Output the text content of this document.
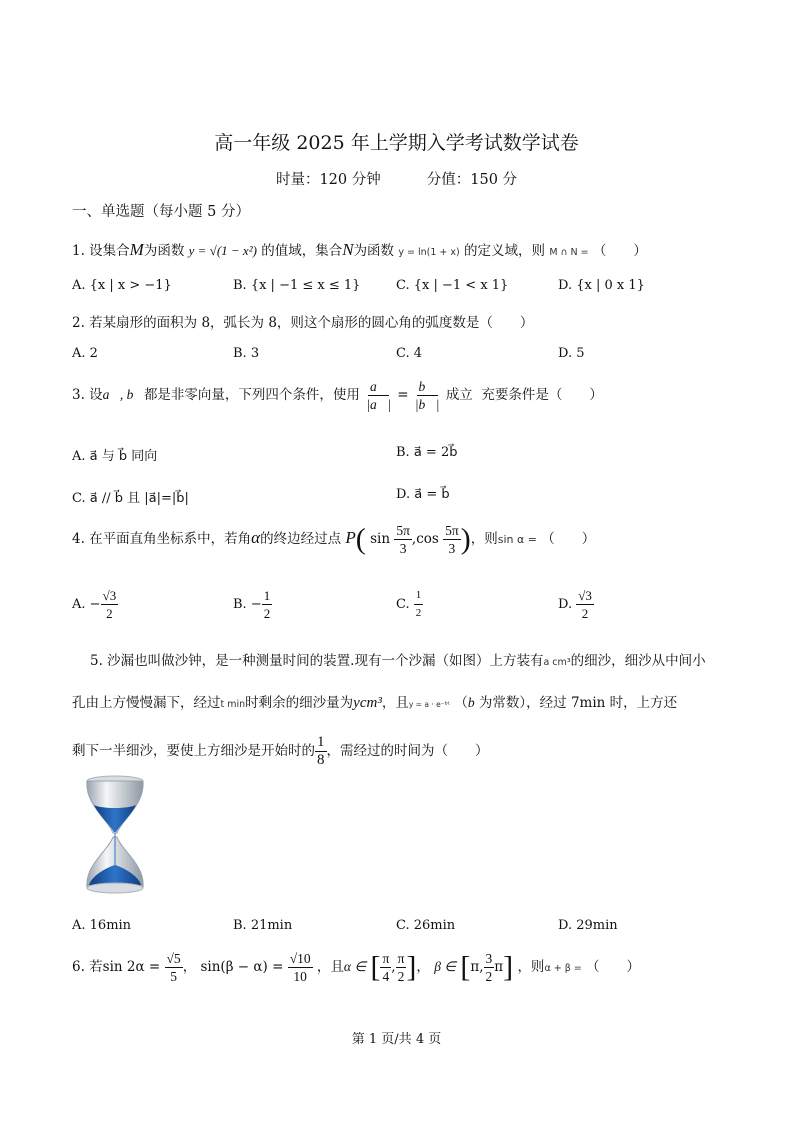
高一年级 2025 年上学期入学考试数学试卷
时量：120 分钟	分值：150 分
一、单选题（每小题 5 分）
1. 设集合M为函数 y = √(1 − x²) 的值域，集合N为函数 y = ln(1 + x) 的定义域，则 M ∩ N = （　　）
A. {x | x > −1}	B. {x | −1 ≤ x ≤ 1}	C. {x | −1 < x 1}	D. {x | 0 x 1}
2. 若某扇形的面积为 8，弧长为 8，则这个扇形的圆心角的弧度数是（　　）
A. 2	B. 3	C. 4	D. 5
3. 设a⃗, b⃗都是非零向量，下列四个条件，使用 $\frac{a⃗}{|a⃗|} = \frac{b⃗}{|b⃗|}$ 成立 充要条件是（　　）
A. a⃗ 与 b⃗ 同向	B. a⃗ = 2b⃗
C. a⃗ // b⃗ 且 |a⃗|=|b⃗|	D. a⃗ = b⃗
4. 在平面直角坐标系中，若角α的终边经过点 P( $\sin \frac{5\pi}{3} ,\cos \frac{5\pi}{3}$ )，则sin α = （　　）
A. − $\frac{√3}{2}$	B. − $\frac{1}{2}$	C. $\frac{1}{2}$	D. $\frac{√3}{2}$
5. 沙漏也叫做沙钟，是一种测量时间的装置.现有一个沙漏（如图）上方装有a cm³的细沙，细沙从中间小
孔由上方慢慢漏下，经过t min时剩余的细沙量为ycm³，且y = a · e⁻ᵇᵗ （b 为常数），经过 7min 时，上方还
剩下一半细沙，要使上方细沙是开始时的 $\frac{1}{8}$ ，需经过的时间为（　　）
A. 16min	B. 21min	C. 26min	D. 29min
6. 若$\sin 2\alpha = \frac{√5}{5}$ ， $\sin(\beta - \alpha) = \frac{√10}{10}$ ，且α ∈ [ $\frac{\pi}{4}$ , $\frac{\pi}{2}$ ]， β ∈ [π, $\frac{3}{2} \pi$] ，则α + β = （　　）
第 1 页/共 4 页
